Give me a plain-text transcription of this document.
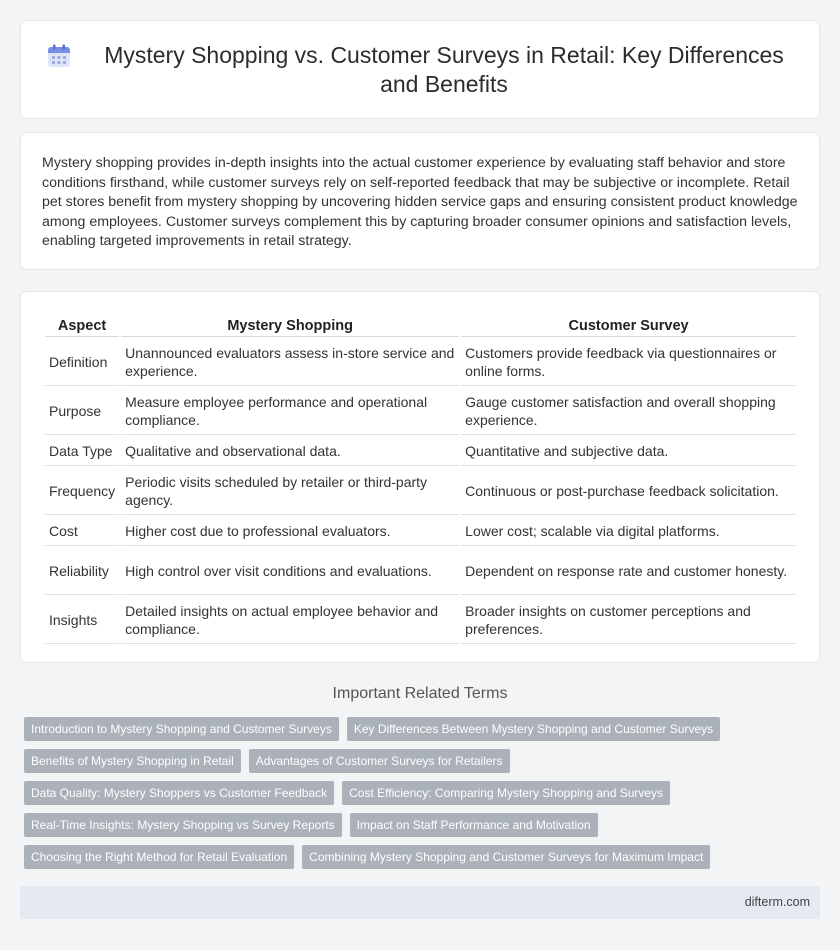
Mystery Shopping vs. Customer Surveys in Retail: Key Differences and Benefits

Mystery shopping provides in-depth insights into the actual customer experience by evaluating staff behavior and store conditions firsthand, while customer surveys rely on self-reported feedback that may be subjective or incomplete. Retail pet stores benefit from mystery shopping by uncovering hidden service gaps and ensuring consistent product knowledge among employees. Customer surveys complement this by capturing broader consumer opinions and satisfaction levels, enabling targeted improvements in retail strategy.

Aspect	Mystery Shopping	Customer Survey
Definition	Unannounced evaluators assess in-store service and experience.	Customers provide feedback via questionnaires or online forms.
Purpose	Measure employee performance and operational compliance.	Gauge customer satisfaction and overall shopping experience.
Data Type	Qualitative and observational data.	Quantitative and subjective data.
Frequency	Periodic visits scheduled by retailer or third-party agency.	Continuous or post-purchase feedback solicitation.
Cost	Higher cost due to professional evaluators.	Lower cost; scalable via digital platforms.
Reliability	High control over visit conditions and evaluations.	Dependent on response rate and customer honesty.
Insights	Detailed insights on actual employee behavior and compliance.	Broader insights on customer perceptions and preferences.
Important Related Terms
Introduction to Mystery Shopping and Customer Surveys	Key Differences Between Mystery Shopping and Customer Surveys
Benefits of Mystery Shopping in Retail	Advantages of Customer Surveys for Retailers
Data Quality: Mystery Shoppers vs Customer Feedback	Cost Efficiency: Comparing Mystery Shopping and Surveys
Real-Time Insights: Mystery Shopping vs Survey Reports	Impact on Staff Performance and Motivation
Choosing the Right Method for Retail Evaluation	Combining Mystery Shopping and Customer Surveys for Maximum Impact
difterm.com
